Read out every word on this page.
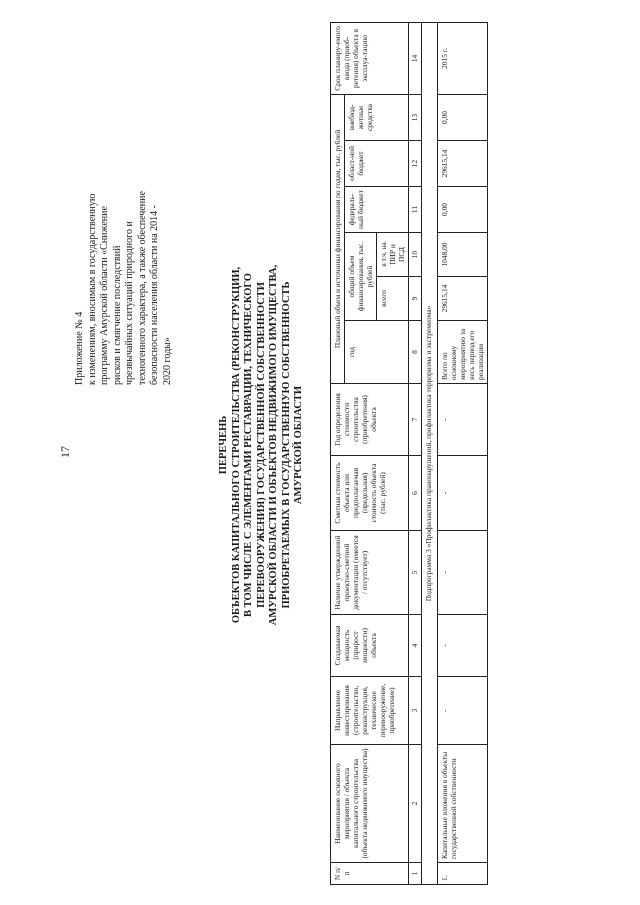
17
Приложение № 4 к изменениям, вносимым в государственную программу Амурской области «Снижение рисков и смягчение последствий чрезвычайных ситуаций природного и техногенного характера, а также обеспечение безопасности населения области на 2014 - 2020 годы»
ПЕРЕЧЕНЬ ОБЪЕКТОВ КАПИТАЛЬНОГО СТРОИТЕЛЬСТВА (РЕКОНСТРУКЦИИ, В ТОМ ЧИСЛЕ С ЭЛЕМЕНТАМИ РЕСТАВРАЦИИ, ТЕХНИЧЕСКОГО ПЕРЕВООРУЖЕНИЯ) ГОСУДАРСТВЕННОЙ СОБСТВЕННОСТИ АМУРСКОЙ ОБЛАСТИ И ОБЪЕКТОВ НЕДВИЖИМОГО ИМУЩЕСТВА, ПРИОБРЕТАЕМЫХ В ГОСУДАРСТВЕННУЮ СОБСТВЕННОСТЬ АМУРСКОЙ ОБЛАСТИ
N п/п	Наименование основного мероприятия / объекта капитального строительства (объекта недвижимого имущества)	Направление инвестирования (строительство, реконструкция, техническое перевооружение, приобретение)	Создаваемая мощность (прирост мощности) объекта	Наличие утвержденной проектно-сметной документации (имеется / отсутствует)	Сметная стоимость объекта или предполагаемая (предельная) стоимость объекта (тыс. рублей)	Год определения стоимости строительства (приобретения) объекта	Плановый объем и источники финансирования по годам, тыс. рублей						Срок планиру-емого ввода (приоб-ретения) объекта в эксплуа-тацию
							год	общий объем финансирования, тыс. рублей		федераль-ный бюджет	област-ной бюджет	внебюд-жетные средства	
								всего	в т.ч. на ПИР и ПСД				
1	2	3	4	5	6	7	8	9	10	11	12	13	14
Подпрограмма 3 «Профилактика правонарушений, профилактика терроризма и экстремизма»													
1.	Капитальные вложения в объекты государственной собственности	-	-	-	-	-	Всего по основному мероприятию за весь период его реализации	29615,14	1048,00	0,00	29615,14	0,00	2015 г.
